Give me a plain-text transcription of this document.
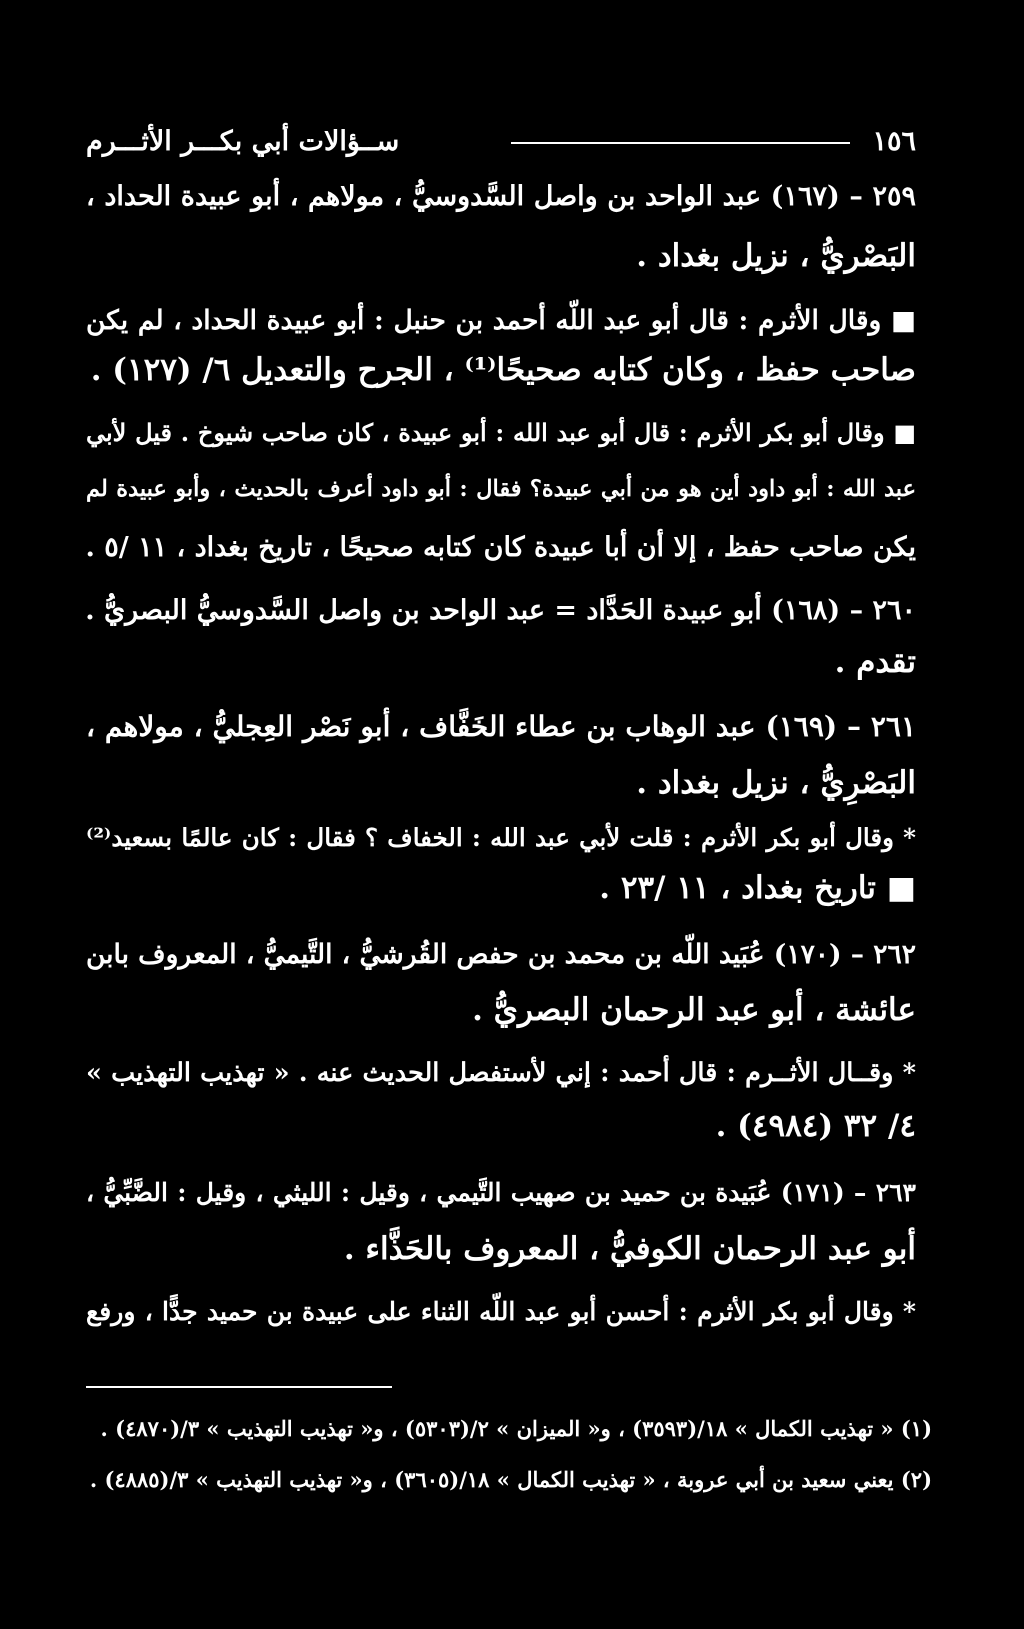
١٥٦
ســؤالات أبي بكـــر الأثـــرم
٢٥٩ – (١٦٧) عبد الواحد بن واصل السَّدوسيُّ ، مولاهم ، أبو عبيدة الحداد ،
البَصْريُّ ، نزيل بغداد .
■ وقال الأثرم : قال أبو عبد اللّه أحمد بن حنبل : أبو عبيدة الحداد ، لم يكن
صاحب حفظ ، وكان كتابه صحيحًا⁽¹⁾ ، الجرح والتعديل ٦/ (١٢٧) .
■ وقال أبو بكر الأثرم : قال أبو عبد الله : أبو عبيدة ، كان صاحب شيوخ . قيل لأبي
عبد الله : أبو داود أين هو من أبي عبيدة؟ فقال : أبو داود أعرف بالحديث ، وأبو عبيدة لم
يكن صاحب حفظ ، إلا أن أبا عبيدة كان كتابه صحيحًا ، تاريخ بغداد ، ١١ /٥ .
٢٦٠ – (١٦٨) أبو عبيدة الحَدَّاد = عبد الواحد بن واصل السَّدوسيُّ البصريُّ .
تقدم .
٢٦١ – (١٦٩) عبد الوهاب بن عطاء الخَفَّاف ، أبو نَصْر العِجليُّ ، مولاهم ،
البَصْرِيُّ ، نزيل بغداد .
* وقال أبو بكر الأثرم : قلت لأبي عبد الله : الخفاف ؟ فقال : كان عالمًا بسعيد⁽²⁾
■ تاريخ بغداد ، ١١ /٢٣ .
٢٦٢ – (١٧٠) عُبَيد اللّه بن محمد بن حفص القُرشيُّ ، التَّيميُّ ، المعروف بابن
عائشة ، أبو عبد الرحمان البصريُّ .
* وقــال الأثــرم : قال أحمد : إني لأستفصل الحديث عنه . « تهذيب التهذيب »
٤/ ٣٢ (٤٩٨٤) .
٢٦٣ – (١٧١) عُبَيدة بن حميد بن صهيب التَّيمي ، وقيل : الليثي ، وقيل : الضَّبِّيُّ ،
أبو عبد الرحمان الكوفيُّ ، المعروف بالحَذَّاء .
* وقال أبو بكر الأثرم : أحسن أبو عبد اللّه الثناء على عبيدة بن حميد جدًّا ، ورفع
(١) « تهذيب الكمال » ١٨/(٣٥٩٣) ، و« الميزان » ٢/(٥٣٠٣) ، و« تهذيب التهذيب » ٣/(٤٨٧٠) .
(٢) يعني سعيد بن أبي عروبة ، « تهذيب الكمال » ١٨/(٣٦٠٥) ، و« تهذيب التهذيب » ٣/(٤٨٨٥) .
